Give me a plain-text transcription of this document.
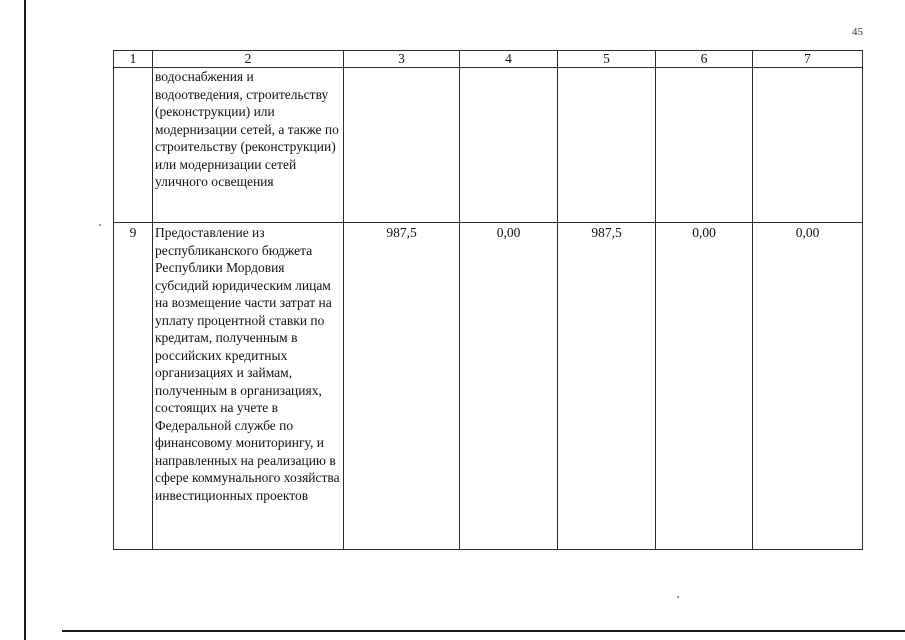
45
1	2	3	4	5	6	7
	водоснабжения и водоотведения, строительству (реконструкции) или модернизации сетей, а также по строительству (реконструкции) или модернизации сетей уличного освещения					
9	Предоставление из республиканского бюджета Республики Мордовия субсидий юридическим лицам на возмещение части затрат на уплату процентной ставки по кредитам, полученным в российских кредитных организациях и займам, полученным в организациях, состоящих на учете в Федеральной службе по финансовому мониторингу, и направленных на реализацию в сфере коммунального хозяйства инвестиционных проектов	987,5	0,00	987,5	0,00	0,00
